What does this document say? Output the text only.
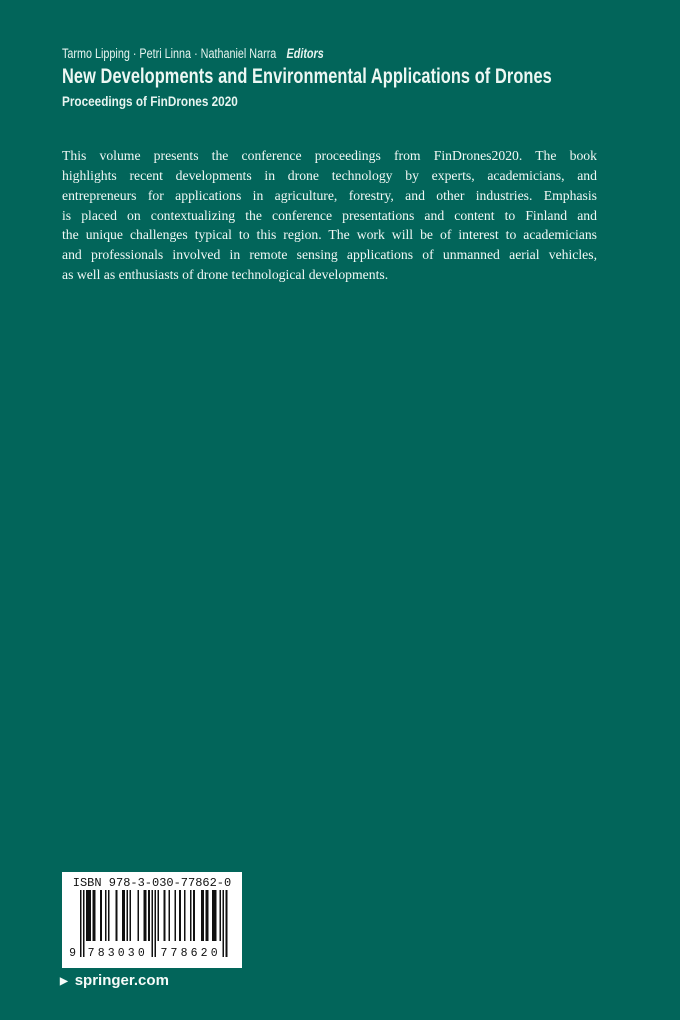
Tarmo Lipping · Petri Linna · Nathaniel Narra Editors
New Developments and Environmental Applications of Drones
Proceedings of FinDrones 2020
This volume presents the conference proceedings from FinDrones2020. The book
highlights recent developments in drone technology by experts, academicians, and
entrepreneurs for applications in agriculture, forestry, and other industries. Emphasis
is placed on contextualizing the conference presentations and content to Finland and
the unique challenges typical to this region. The work will be of interest to academicians
and professionals involved in remote sensing applications of unmanned aerial vehicles,
as well as enthusiasts of drone technological developments.
ISBN 978-3-030-77862-0
9 783030 778620
▶ springer.com
